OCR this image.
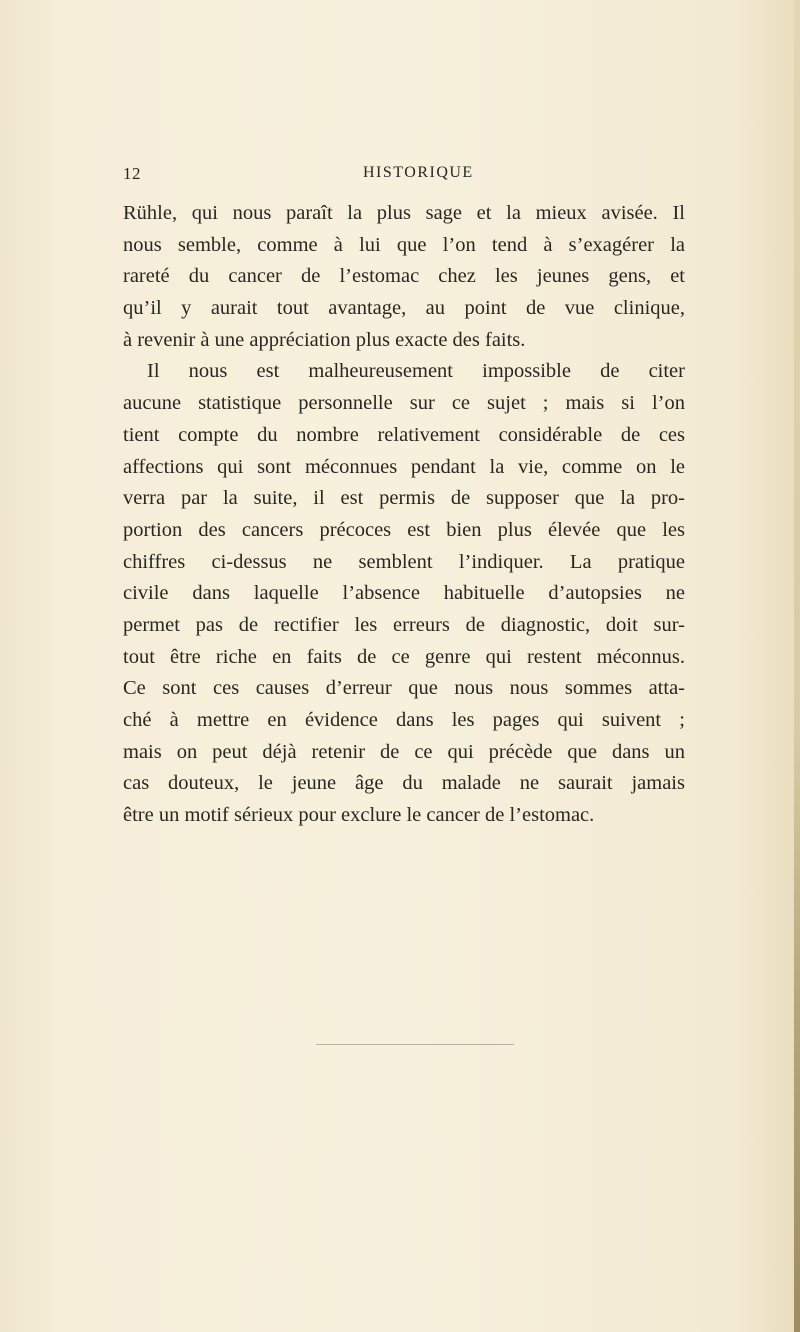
12	HISTORIQUE
Rühle, qui nous paraît la plus sage et la mieux avisée. Il
nous semble, comme à lui que l’on tend à s’exagérer la
rareté du cancer de l’estomac chez les jeunes gens, et
qu’il y aurait tout avantage, au point de vue clinique,
à revenir à une appréciation plus exacte des faits.
Il nous est malheureusement impossible de citer
aucune statistique personnelle sur ce sujet ; mais si l’on
tient compte du nombre relativement considérable de ces
affections qui sont méconnues pendant la vie, comme on le
verra par la suite, il est permis de supposer que la pro-
portion des cancers précoces est bien plus élevée que les
chiffres ci-dessus ne semblent l’indiquer. La pratique
civile dans laquelle l’absence habituelle d’autopsies ne
permet pas de rectifier les erreurs de diagnostic, doit sur-
tout être riche en faits de ce genre qui restent méconnus.
Ce sont ces causes d’erreur que nous nous sommes atta-
ché à mettre en évidence dans les pages qui suivent ;
mais on peut déjà retenir de ce qui précède que dans un
cas douteux, le jeune âge du malade ne saurait jamais
être un motif sérieux pour exclure le cancer de l’estomac.
